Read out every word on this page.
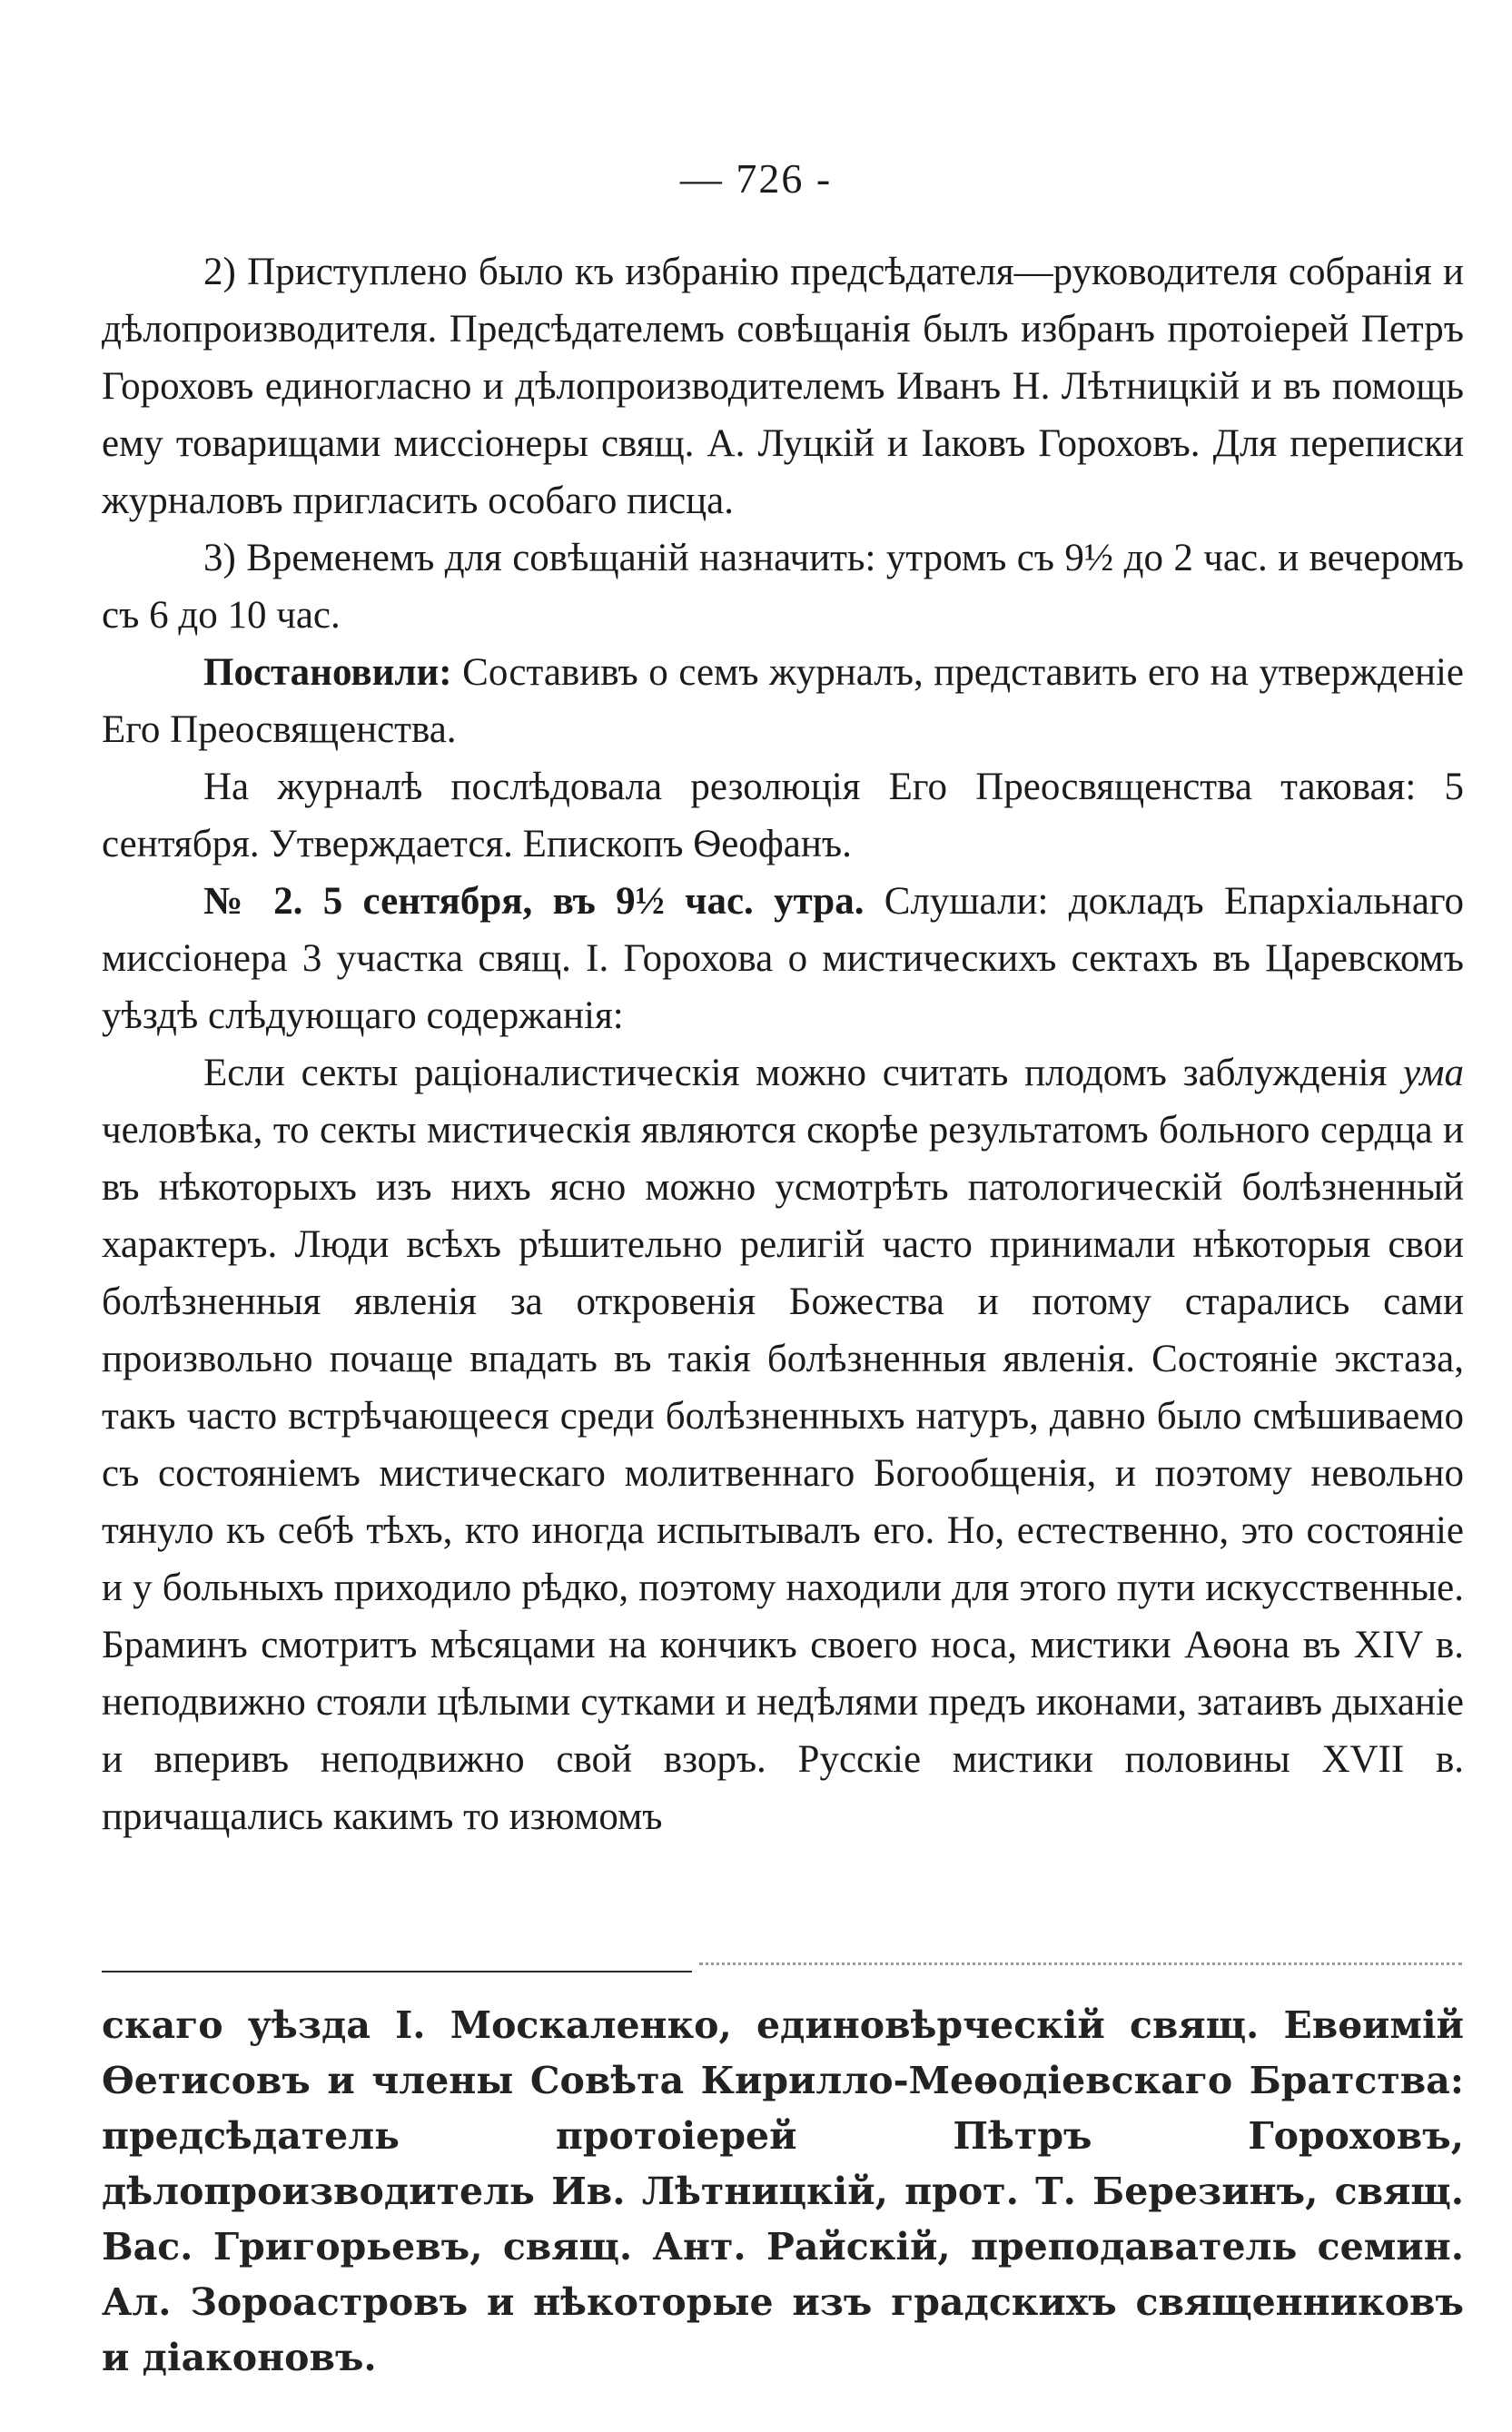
— 726 -

2) Приступлено было къ избранію предсѣдателя—руководителя собранія и дѣлопроизводителя. Предсѣдателемъ совѣщанія былъ избранъ протоіерей Петръ Гороховъ единогласно и дѣлопроизводителемъ Иванъ Н. Лѣтницкій и въ помощь ему товарищами миссіонеры свящ. А. Луцкій и Іаковъ Гороховъ. Для переписки журналовъ пригласить особаго писца.

3) Временемъ для совѣщаній назначить: утромъ съ 9½ до 2 час. и вечеромъ съ 6 до 10 час.

Постановили: Составивъ о семъ журналъ, представить его на утвержденіе Его Преосвященства.

На журналѣ послѣдовала резолюція Его Преосвященства таковая: 5 сентября. Утверждается. Епископъ Ѳеофанъ.

№ 2. 5 сентября, въ 9½ час. утра. Слушали: докладъ Епархіальнаго миссіонера 3 участка свящ. І. Горохова о мистическихъ сектахъ въ Царевскомъ уѣздѣ слѣдующаго содержанія:

Если секты раціоналистическія можно считать плодомъ заблужденія ума человѣка, то секты мистическія являются скорѣе результатомъ больного сердца и въ нѣкоторыхъ изъ нихъ ясно можно усмотрѣть патологическій болѣзненный характеръ. Люди всѣхъ рѣшительно религій часто принимали нѣкоторыя свои болѣзненныя явленія за откровенія Божества и потому старались сами произвольно почаще впадать въ такія болѣзненныя явленія. Состояніе экстаза, такъ часто встрѣчающееся среди болѣзненныхъ натуръ, давно было смѣшиваемо съ состояніемъ мистическаго молитвеннаго Богообщенія, и поэтому невольно тянуло къ себѣ тѣхъ, кто иногда испытывалъ его. Но, естественно, это состояніе и у больныхъ приходило рѣдко, поэтому находили для этого пути искусственные. Браминъ смотритъ мѣсяцами на кончикъ своего носа, мистики Аѳона въ XIV в. неподвижно стояли цѣлыми сутками и недѣлями предъ иконами, затаивъ дыханіе и вперивъ неподвижно свой взоръ. Русскіе мистики половины XVII в. причащались какимъ то изюмомъ

скаго уѣзда І. Москаленко, единовѣрческій свящ. Евѳимій Ѳетисовъ и члены Совѣта Кирилло-Меѳодіевскаго Братства: предсѣдатель протоіерей Пѣтръ Гороховъ, дѣлопроизводитель Ив. Лѣтницкій, прот. Т. Березинъ, свящ. Вас. Григорьевъ, свящ. Ант. Райскій, преподаватель семин. Ал. Зороастровъ и нѣкоторые изъ градскихъ священниковъ и діаконовъ.
